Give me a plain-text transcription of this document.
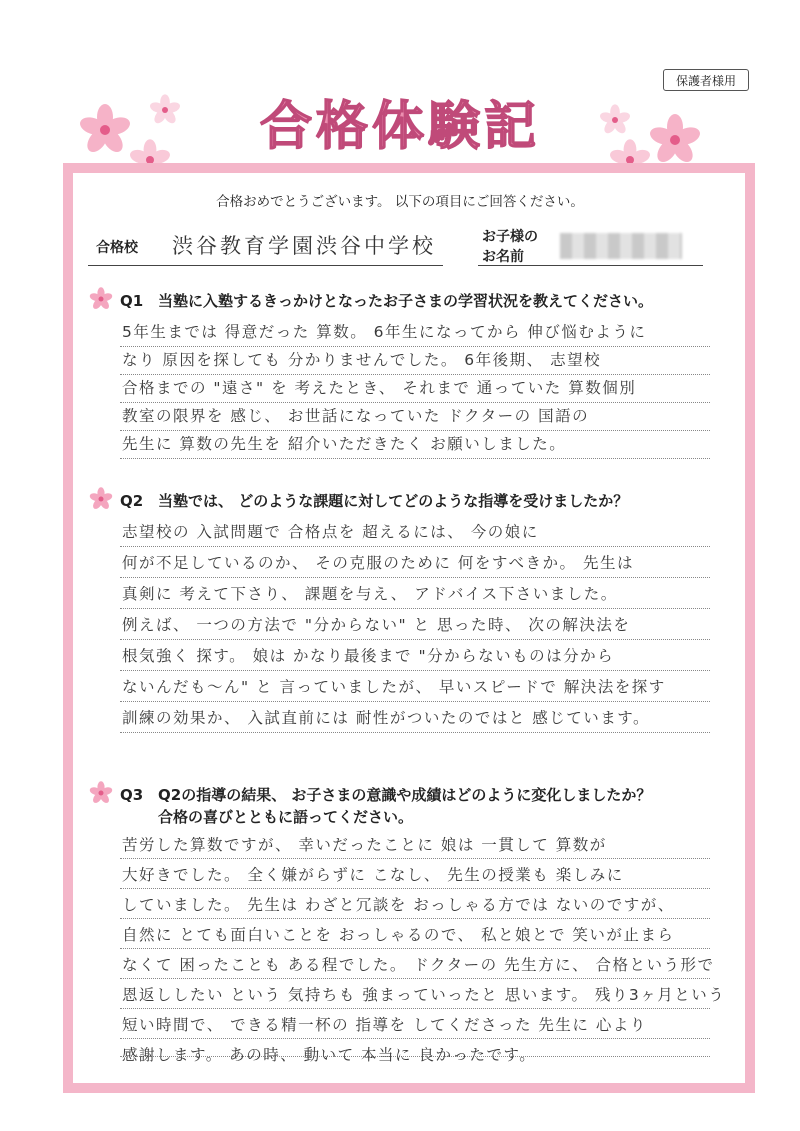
保護者様用
合格体験記
合格おめでとうございます。 以下の項目にご回答ください。
合格校 渋谷教育学園渋谷中学校	お子様の
お名前
Q1 当塾に入塾するきっかけとなったお子さまの学習状況を教えてください。
5年生までは 得意だった 算数。 6年生になってから 伸び悩むように
なり 原因を探しても 分かりませんでした。 6年後期、 志望校
合格までの "遠さ" を 考えたとき、 それまで 通っていた 算数個別
教室の限界を 感じ、 お世話になっていた ドクターの 国語の
先生に 算数の先生を 紹介いただきたく お願いしました。
Q2 当塾では、 どのような課題に対してどのような指導を受けましたか？
志望校の 入試問題で 合格点を 超えるには、 今の娘に
何が不足しているのか、 その克服のために 何をすべきか。 先生は
真剣に 考えて下さり、 課題を与え、 アドバイス下さいました。
例えば、 一つの方法で "分からない" と 思った時、 次の解決法を
根気強く 探す。 娘は かなり最後まで "分からないものは分から
ないんだも〜ん" と 言っていましたが、 早いスピードで 解決法を探す
訓練の効果か、 入試直前には 耐性がついたのではと 感じています。
Q3 Q2の指導の結果、 お子さまの意識や成績はどのように変化しましたか？
合格の喜びとともに語ってください。
苦労した算数ですが、 幸いだったことに 娘は 一貫して 算数が
大好きでした。 全く嫌がらずに こなし、 先生の授業も 楽しみに
していました。 先生は わざと冗談を おっしゃる方では ないのですが、
自然に とても面白いことを おっしゃるので、 私と娘とで 笑いが止まら
なくて 困ったことも ある程でした。 ドクターの 先生方に、 合格という形で
恩返ししたい という 気持ちも 強まっていったと 思います。 残り3ヶ月という
短い時間で、 できる精一杯の 指導を してくださった 先生に 心より
感謝します。 あの時、 動いて 本当に 良かったです。
